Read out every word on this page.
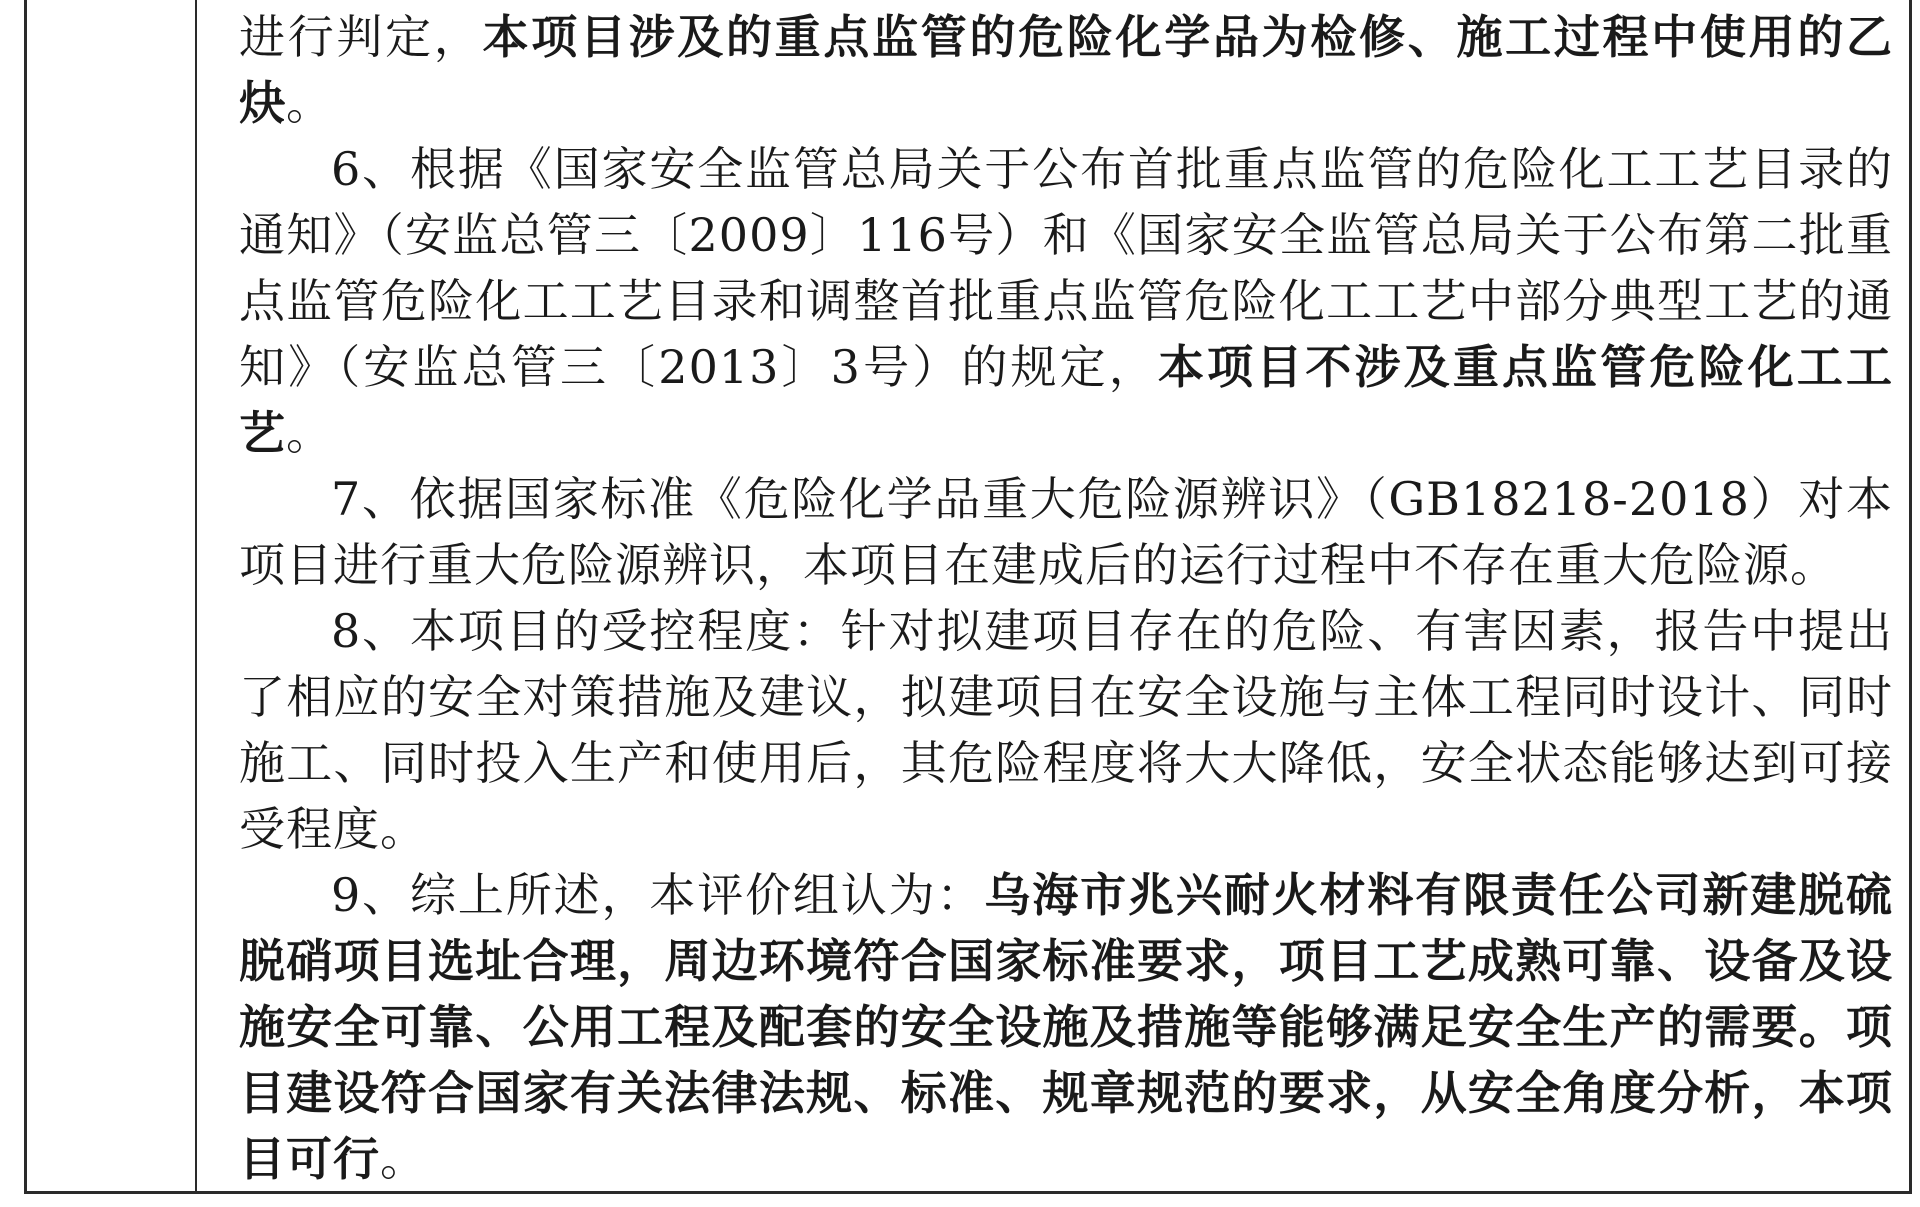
进行判定，本项目涉及的重点监管的危险化学品为检修、施工过程中使用的乙炔。

6、根据《国家安全监管总局关于公布首批重点监管的危险化工工艺目录的通知》（安监总管三〔2009〕116号）和《国家安全监管总局关于公布第二批重点监管危险化工工艺目录和调整首批重点监管危险化工工艺中部分典型工艺的通知》（安监总管三〔2013〕3号）的规定，本项目不涉及重点监管危险化工工艺。

7、依据国家标准《危险化学品重大危险源辨识》（GB18218-2018）对本项目进行重大危险源辨识，本项目在建成后的运行过程中不存在重大危险源。

8、本项目的受控程度：针对拟建项目存在的危险、有害因素，报告中提出了相应的安全对策措施及建议，拟建项目在安全设施与主体工程同时设计、同时施工、同时投入生产和使用后，其危险程度将大大降低，安全状态能够达到可接受程度。

9、综上所述，本评价组认为：乌海市兆兴耐火材料有限责任公司新建脱硫脱硝项目选址合理，周边环境符合国家标准要求，项目工艺成熟可靠、设备及设施安全可靠、公用工程及配套的安全设施及措施等能够满足安全生产的需要。项目建设符合国家有关法律法规、标准、规章规范的要求，从安全角度分析，本项目可行。
